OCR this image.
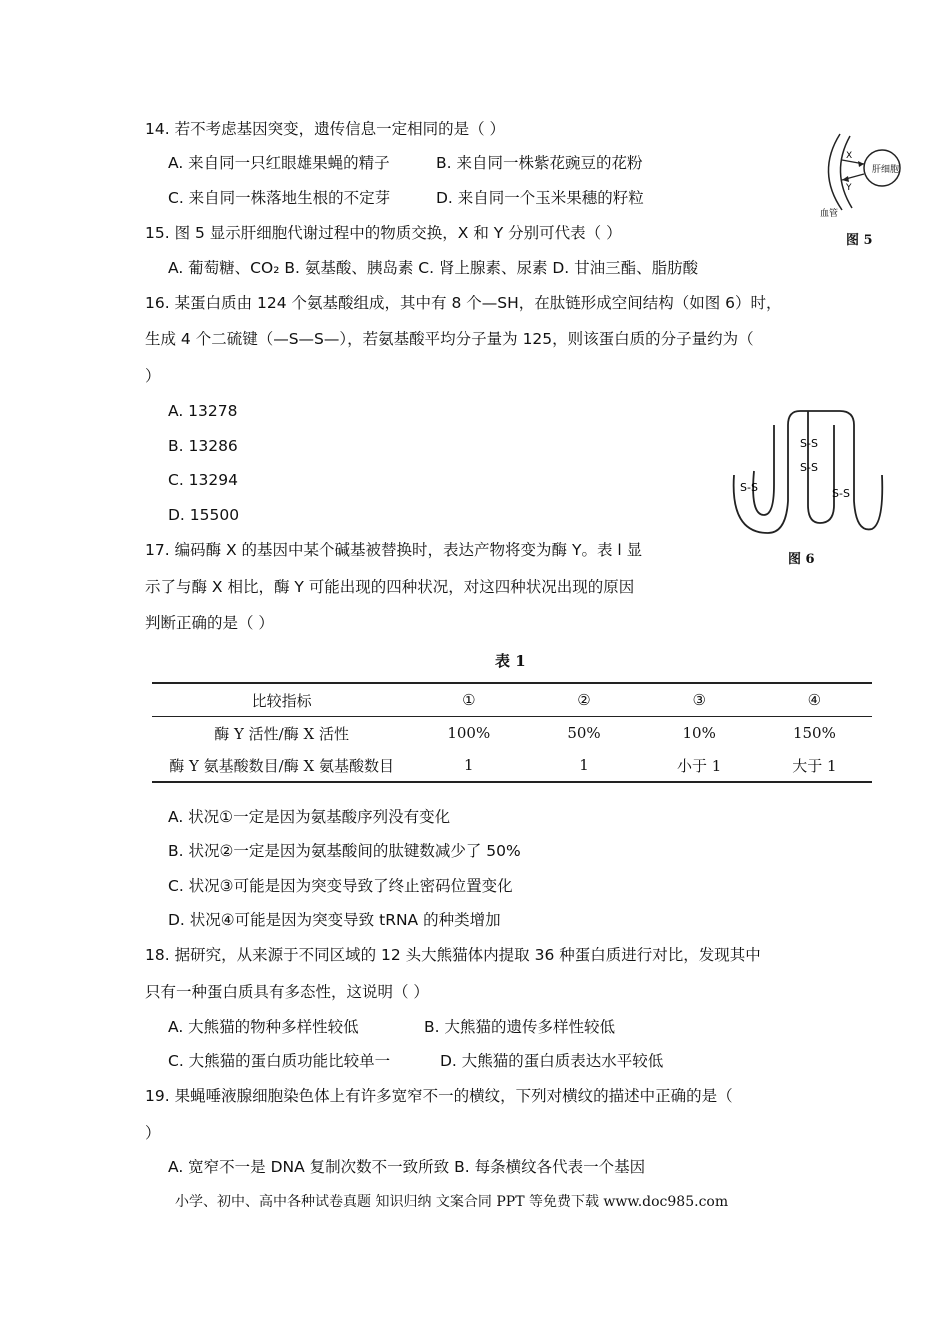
14. 若不考虑基因突变，遗传信息一定相同的是（ ）
A. 来自同一只红眼雄果蝇的精子	B. 来自同一株紫花豌豆的花粉
C. 来自同一株落地生根的不定芽	D. 来自同一个玉米果穗的籽粒
肝细胞
X
Y
血管
图 5
15. 图 5 显示肝细胞代谢过程中的物质交换，X 和 Y 分别可代表（ ）
A. 葡萄糖、CO₂ B. 氨基酸、胰岛素 C. 肾上腺素、尿素 D. 甘油三酯、脂肪酸
16. 某蛋白质由 124 个氨基酸组成，其中有 8 个—SH，在肽链形成空间结构（如图 6）时，
生成 4 个二硫键（—S—S—），若氨基酸平均分子量为 125，则该蛋白质的分子量约为（
）
A. 13278
B. 13286
C. 13294
D. 15500
S-S
S-S
S-S	S-S
图 6
17. 编码酶 X 的基因中某个碱基被替换时，表达产物将变为酶 Y。表 l 显
示了与酶 X 相比，酶 Y 可能出现的四种状况，对这四种状况出现的原因
判断正确的是（ ）
表 1
比较指标	①	②	③	④
酶 Y 活性/酶 X 活性	100%	50%	10%	150%
酶 Y 氨基酸数目/酶 X 氨基酸数目	1	1	小于 1	大于 1
A. 状况①一定是因为氨基酸序列没有变化
B. 状况②一定是因为氨基酸间的肽键数减少了 50%
C. 状况③可能是因为突变导致了终止密码位置变化
D. 状况④可能是因为突变导致 tRNA 的种类增加
18. 据研究，从来源于不同区域的 12 头大熊猫体内提取 36 种蛋白质进行对比，发现其中
只有一种蛋白质具有多态性，这说明（ ）
A. 大熊猫的物种多样性较低	B. 大熊猫的遗传多样性较低
C. 大熊猫的蛋白质功能比较单一	D. 大熊猫的蛋白质表达水平较低
19. 果蝇唾液腺细胞染色体上有许多宽窄不一的横纹，下列对横纹的描述中正确的是（
）
A. 宽窄不一是 DNA 复制次数不一致所致 B. 每条横纹各代表一个基因
小学、初中、高中各种试卷真题 知识归纳 文案合同 PPT 等免费下载 www.doc985.com
